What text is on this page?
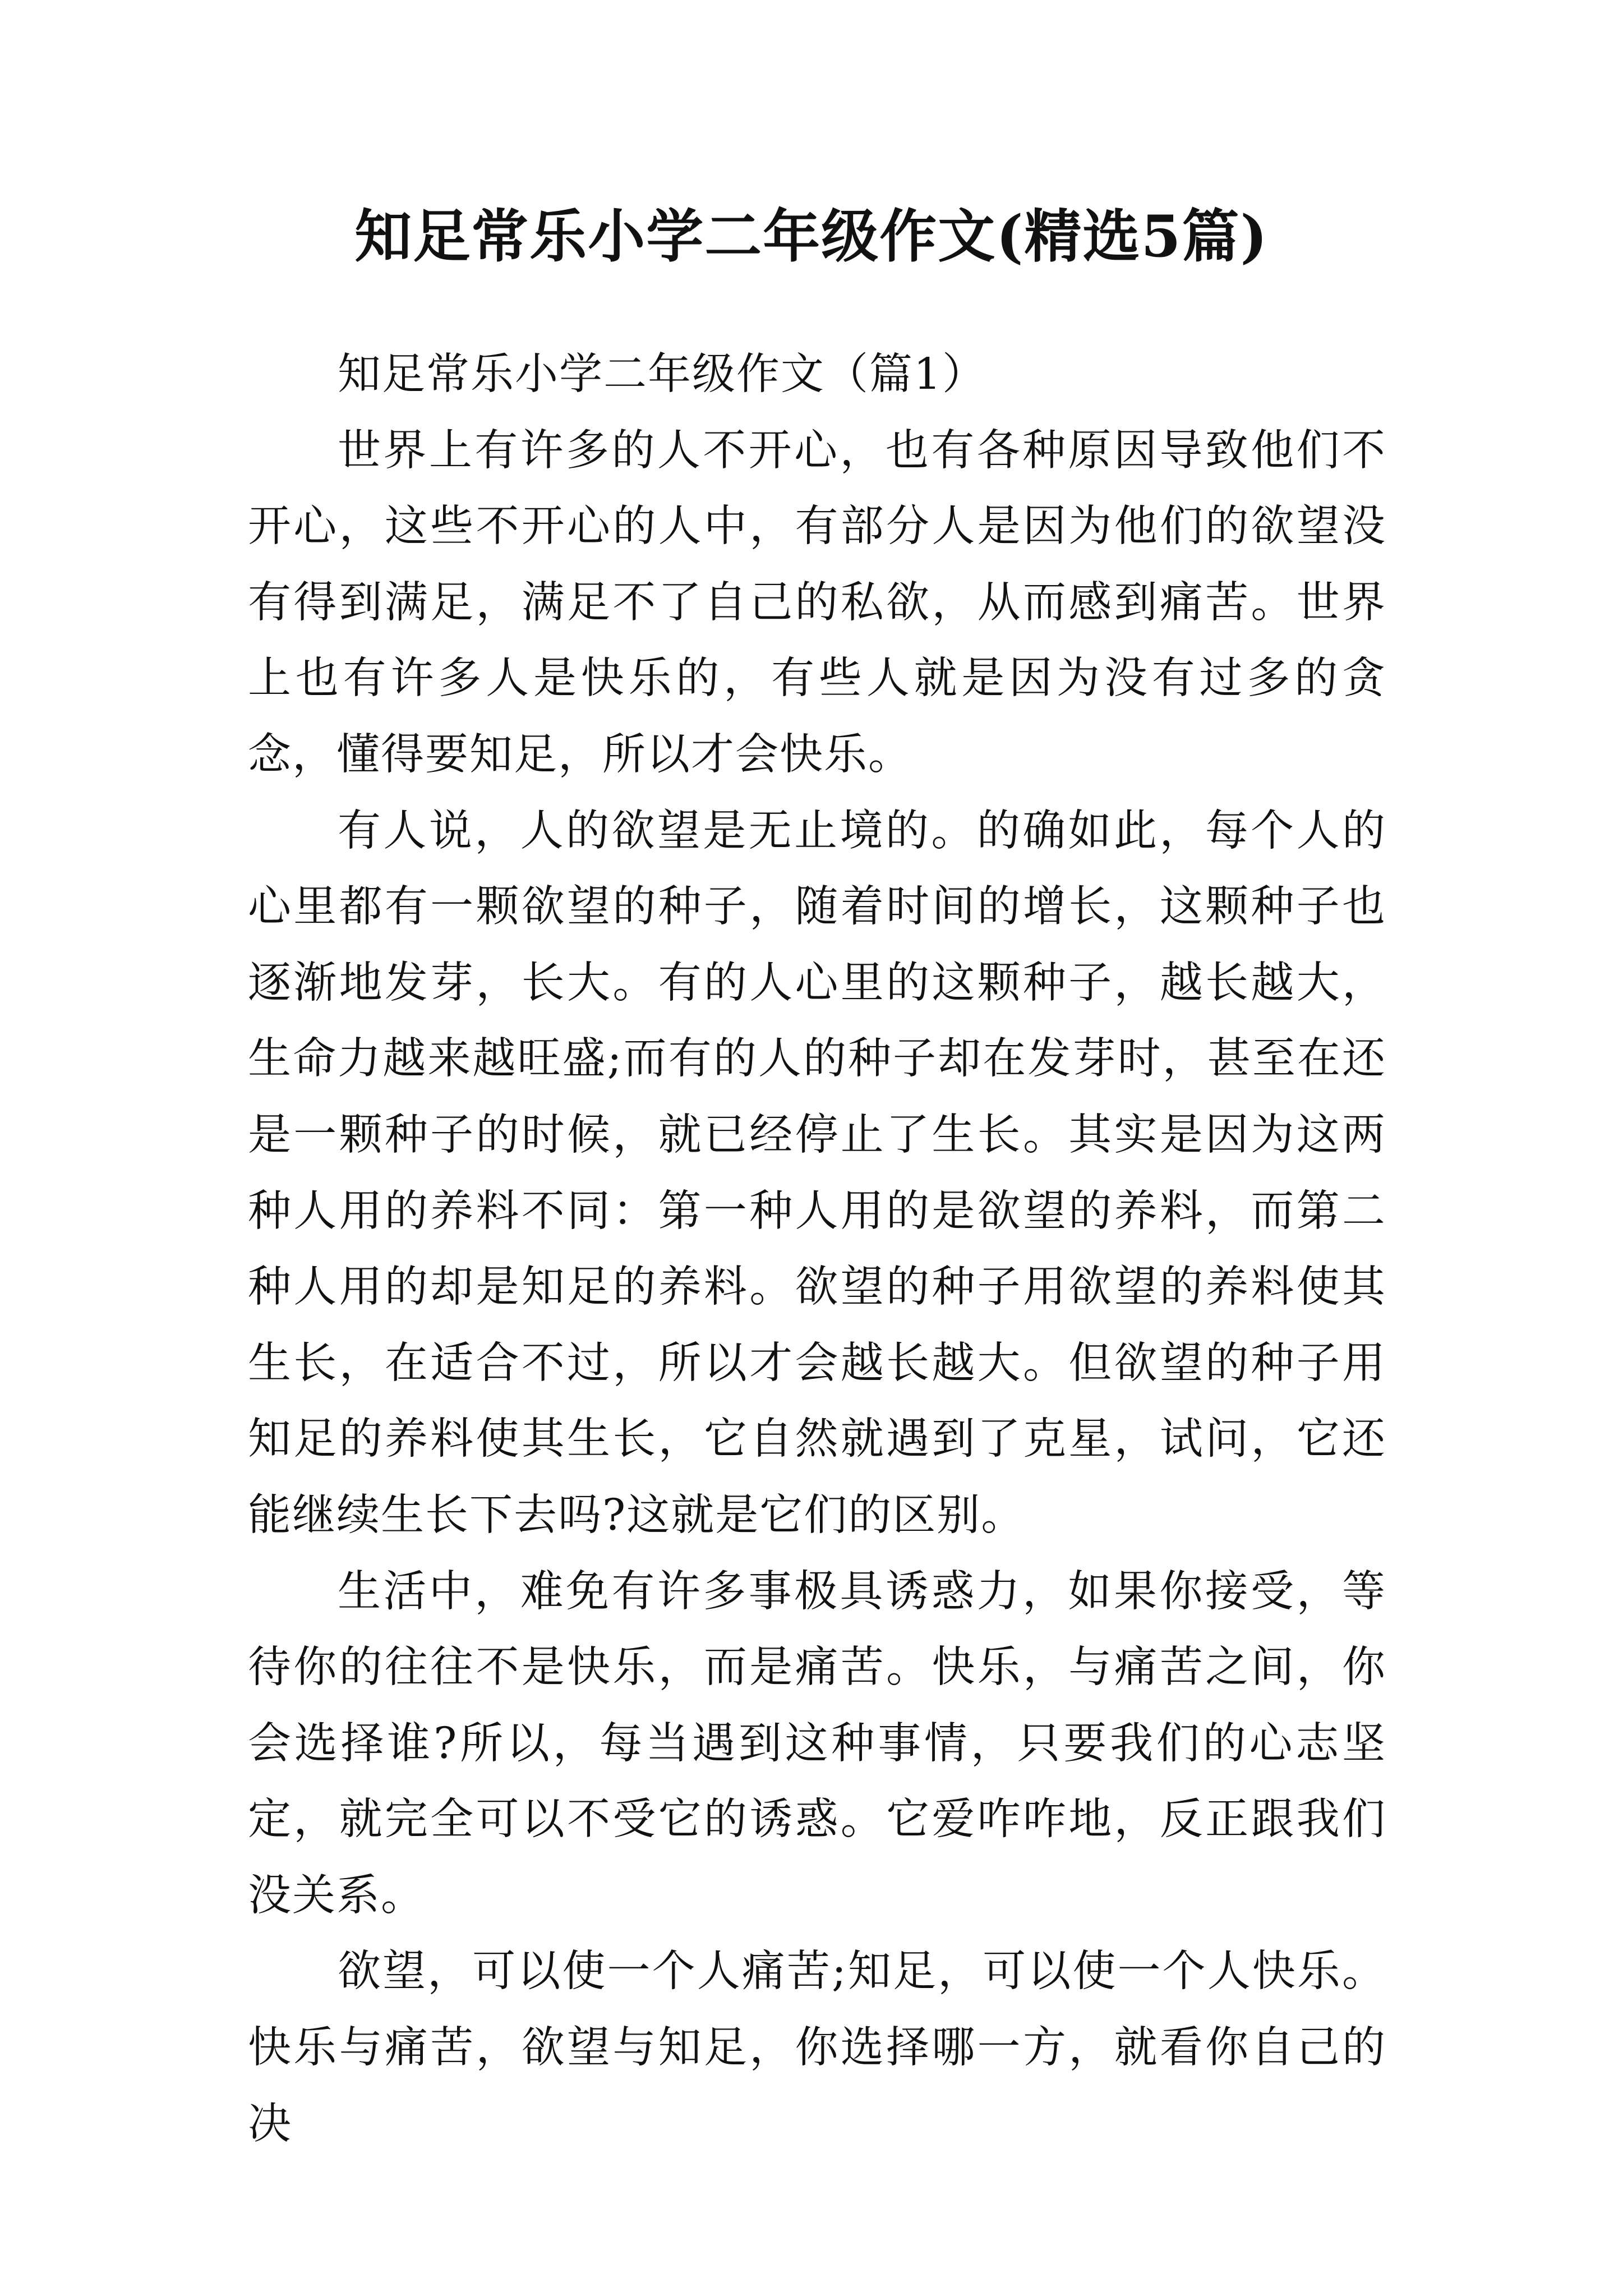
知足常乐小学二年级作文(精选5篇)

知足常乐小学二年级作文（篇1）

世界上有许多的人不开心，也有各种原因导致他们不开心，这些不开心的人中，有部分人是因为他们的欲望没有得到满足，满足不了自己的私欲，从而感到痛苦。世界上也有许多人是快乐的，有些人就是因为没有过多的贪念，懂得要知足，所以才会快乐。

有人说，人的欲望是无止境的。的确如此，每个人的心里都有一颗欲望的种子，随着时间的增长，这颗种子也逐渐地发芽，长大。有的人心里的这颗种子，越长越大，生命力越来越旺盛;而有的人的种子却在发芽时，甚至在还是一颗种子的时候，就已经停止了生长。其实是因为这两种人用的养料不同：第一种人用的是欲望的养料，而第二种人用的却是知足的养料。欲望的种子用欲望的养料使其生长，在适合不过，所以才会越长越大。但欲望的种子用知足的养料使其生长，它自然就遇到了克星，试问，它还能继续生长下去吗?这就是它们的区别。

生活中，难免有许多事极具诱惑力，如果你接受，等待你的往往不是快乐，而是痛苦。快乐，与痛苦之间，你会选择谁?所以，每当遇到这种事情，只要我们的心志坚定，就完全可以不受它的诱惑。它爱咋咋地，反正跟我们没关系。

欲望，可以使一个人痛苦;知足，可以使一个人快乐。快乐与痛苦，欲望与知足，你选择哪一方，就看你自己的决
